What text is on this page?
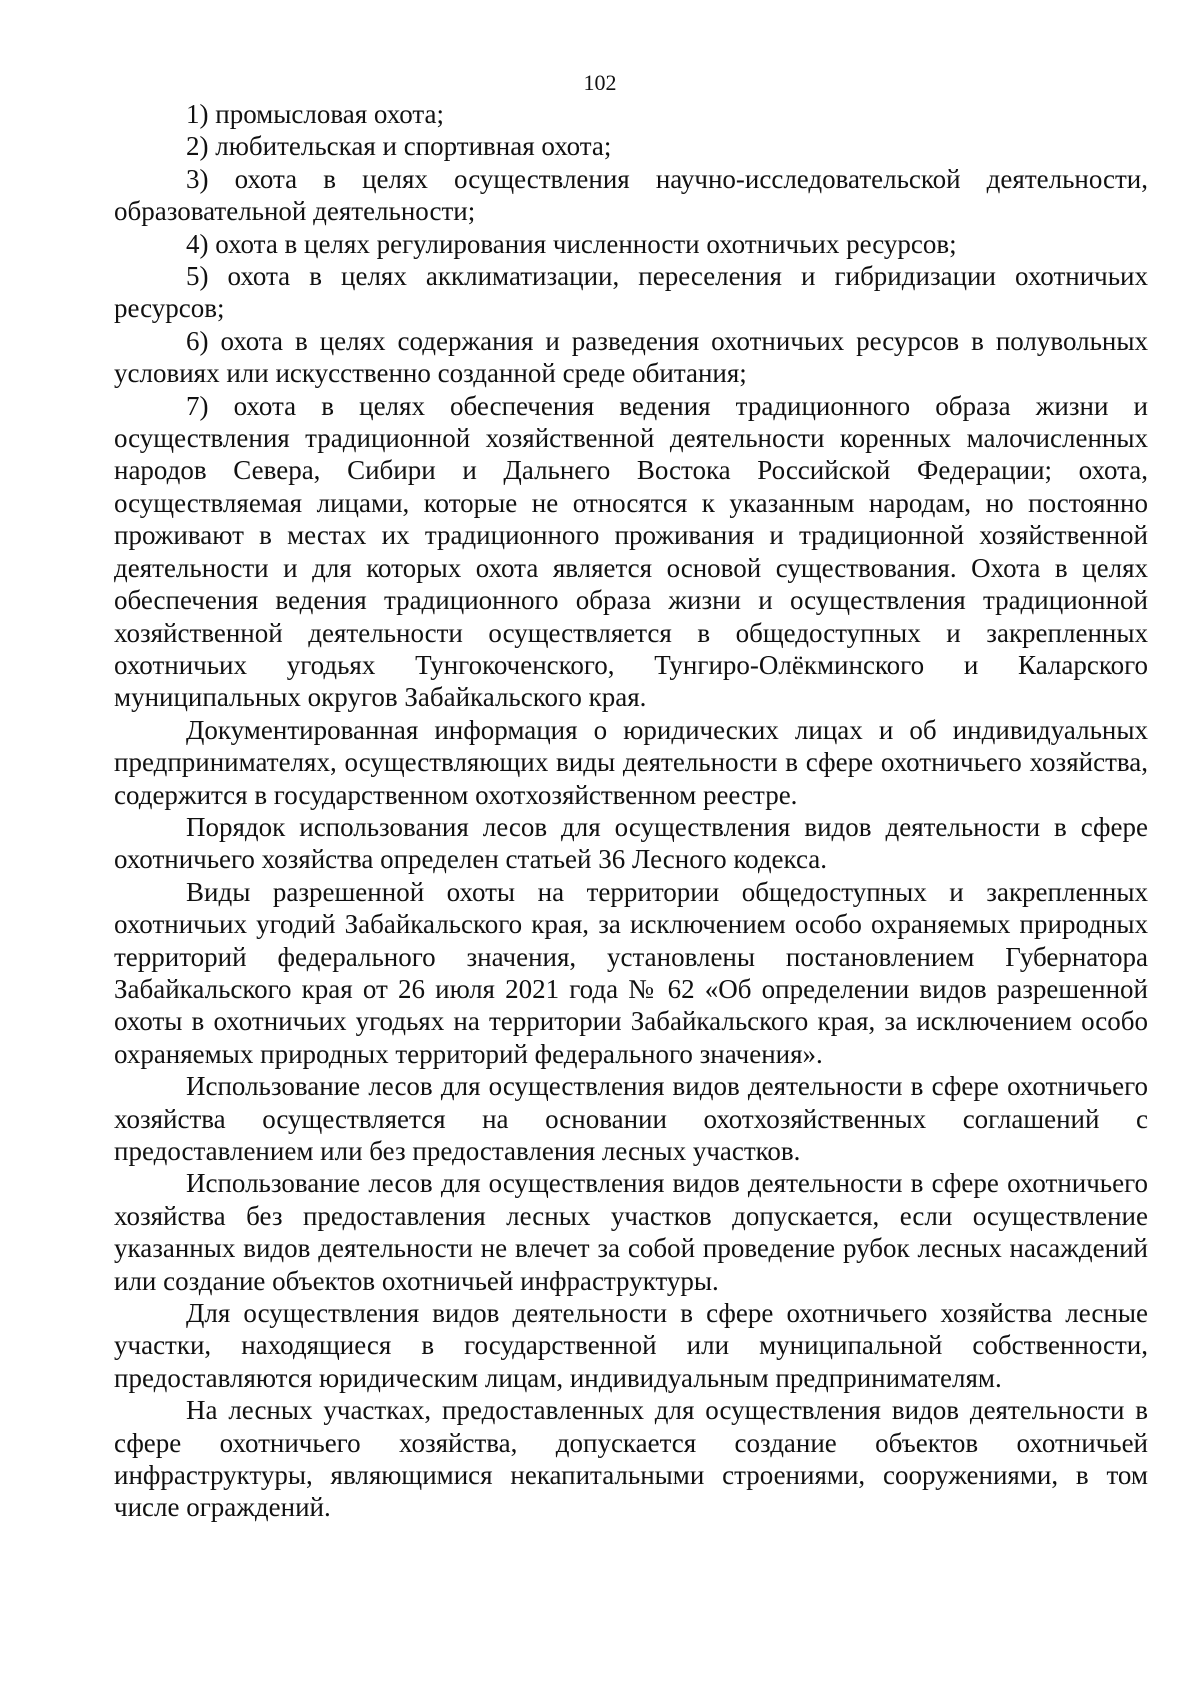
102

1) промысловая охота;

2) любительская и спортивная охота;

3) охота в целях осуществления научно-исследовательской деятельности, образовательной деятельности;

4) охота в целях регулирования численности охотничьих ресурсов;

5) охота в целях акклиматизации, переселения и гибридизации охотничьих ресурсов;

6) охота в целях содержания и разведения охотничьих ресурсов в полувольных условиях или искусственно созданной среде обитания;

7) охота в целях обеспечения ведения традиционного образа жизни и осуществления традиционной хозяйственной деятельности коренных малочисленных народов Севера, Сибири и Дальнего Востока Российской Федерации; охота, осуществляемая лицами, которые не относятся к указанным народам, но постоянно проживают в местах их традиционного проживания и традиционной хозяйственной деятельности и для которых охота является основой существования. Охота в целях обеспечения ведения традиционного образа жизни и осуществления традиционной хозяйственной деятельности осуществляется в общедоступных и закрепленных охотничьих угодьях Тунгокоченского, Тунгиро-Олёкминского и Каларского муниципальных округов Забайкальского края.

Документированная информация о юридических лицах и об индивидуальных предпринимателях, осуществляющих виды деятельности в сфере охотничьего хозяйства, содержится в государственном охотхозяйственном реестре.

Порядок использования лесов для осуществления видов деятельности в сфере охотничьего хозяйства определен статьей 36 Лесного кодекса.

Виды разрешенной охоты на территории общедоступных и закрепленных охотничьих угодий Забайкальского края, за исключением особо охраняемых природных территорий федерального значения, установлены постановлением Губернатора Забайкальского края от 26 июля 2021 года № 62 «Об определении видов разрешенной охоты в охотничьих угодьях на территории Забайкальского края, за исключением особо охраняемых природных территорий федерального значения».

Использование лесов для осуществления видов деятельности в сфере охотничьего хозяйства осуществляется на основании охотхозяйственных соглашений с предоставлением или без предоставления лесных участков.

Использование лесов для осуществления видов деятельности в сфере охотничьего хозяйства без предоставления лесных участков допускается, если осуществление указанных видов деятельности не влечет за собой проведение рубок лесных насаждений или создание объектов охотничьей инфраструктуры.

Для осуществления видов деятельности в сфере охотничьего хозяйства лесные участки, находящиеся в государственной или муниципальной собственности, предоставляются юридическим лицам, индивидуальным предпринимателям.

На лесных участках, предоставленных для осуществления видов деятельности в сфере охотничьего хозяйства, допускается создание объектов охотничьей инфраструктуры, являющимися некапитальными строениями, сооружениями, в том числе ограждений.
